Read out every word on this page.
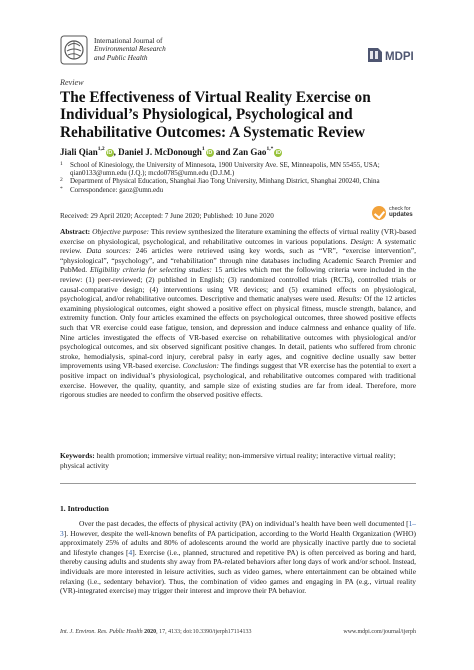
International Journal of
Environmental Research
and Public Health	MDPI
Review
The Effectiveness of Virtual Reality Exercise on Individual’s Physiological, Psychological and Rehabilitative Outcomes: A Systematic Review
Jiali Qian$^{1,2}$iD, Daniel J. McDonough$^1$iD and Zan Gao$^{1,*}$iD
1 School of Kinesiology, the University of Minnesota, 1900 University Ave. SE, Minneapolis, MN 55455, USA;
qian0133@umn.edu (J.Q.); mcdo0785@umn.edu (D.J.M.)
2 Department of Physical Education, Shanghai Jiao Tong University, Minhang District, Shanghai 200240, China
* Correspondence: gaoz@umn.edu
Received: 29 April 2020; Accepted: 7 June 2020; Published: 10 June 2020
check for
updates

Abstract: Objective purpose: This review synthesized the literature examining the effects of virtual reality (VR)-based exercise on physiological, psychological, and rehabilitative outcomes in various populations. Design: A systematic review. Data sources: 246 articles were retrieved using key words, such as “VR”, “exercise intervention”, “physiological”, “psychology”, and “rehabilitation” through nine databases including Academic Search Premier and PubMed. Eligibility criteria for selecting studies: 15 articles which met the following criteria were included in the review: (1) peer-reviewed; (2) published in English; (3) randomized controlled trials (RCTs), controlled trials or causal-comparative design; (4) interventions using VR devices; and (5) examined effects on physiological, psychological, and/or rehabilitative outcomes. Descriptive and thematic analyses were used. Results: Of the 12 articles examining physiological outcomes, eight showed a positive effect on physical fitness, muscle strength, balance, and extremity function. Only four articles examined the effects on psychological outcomes, three showed positive effects such that VR exercise could ease fatigue, tension, and depression and induce calmness and enhance quality of life. Nine articles investigated the effects of VR-based exercise on rehabilitative outcomes with physiological and/or psychological outcomes, and six observed significant positive changes. In detail, patients who suffered from chronic stroke, hemodialysis, spinal-cord injury, cerebral palsy in early ages, and cognitive decline usually saw better improvements using VR-based exercise. Conclusion: The findings suggest that VR exercise has the potential to exert a positive impact on individual’s physiological, psychological, and rehabilitative outcomes compared with traditional exercise. However, the quality, quantity, and sample size of existing studies are far from ideal. Therefore, more rigorous studies are needed to confirm the observed positive effects.

Keywords: health promotion; immersive virtual reality; non-immersive virtual reality; interactive virtual reality; physical activity

1. Introduction

Over the past decades, the effects of physical activity (PA) on individual’s health have been well documented [1–3]. However, despite the well-known benefits of PA participation, according to the World Health Organization (WHO) approximately 25% of adults and 80% of adolescents around the world are physically inactive partly due to societal and lifestyle changes [4]. Exercise (i.e., planned, structured and repetitive PA) is often perceived as boring and hard, thereby causing adults and students shy away from PA-related behaviors after long days of work and/or school. Instead, individuals are more interested in leisure activities, such as video games, where entertainment can be obtained while relaxing (i.e., sedentary behavior). Thus, the combination of video games and engaging in PA (e.g., virtual reality (VR)-integrated exercise) may trigger their interest and improve their PA behavior.

Int. J. Environ. Res. Public Health 2020, 17, 4133; doi:10.3390/ijerph17114133	www.mdpi.com/journal/ijerph
